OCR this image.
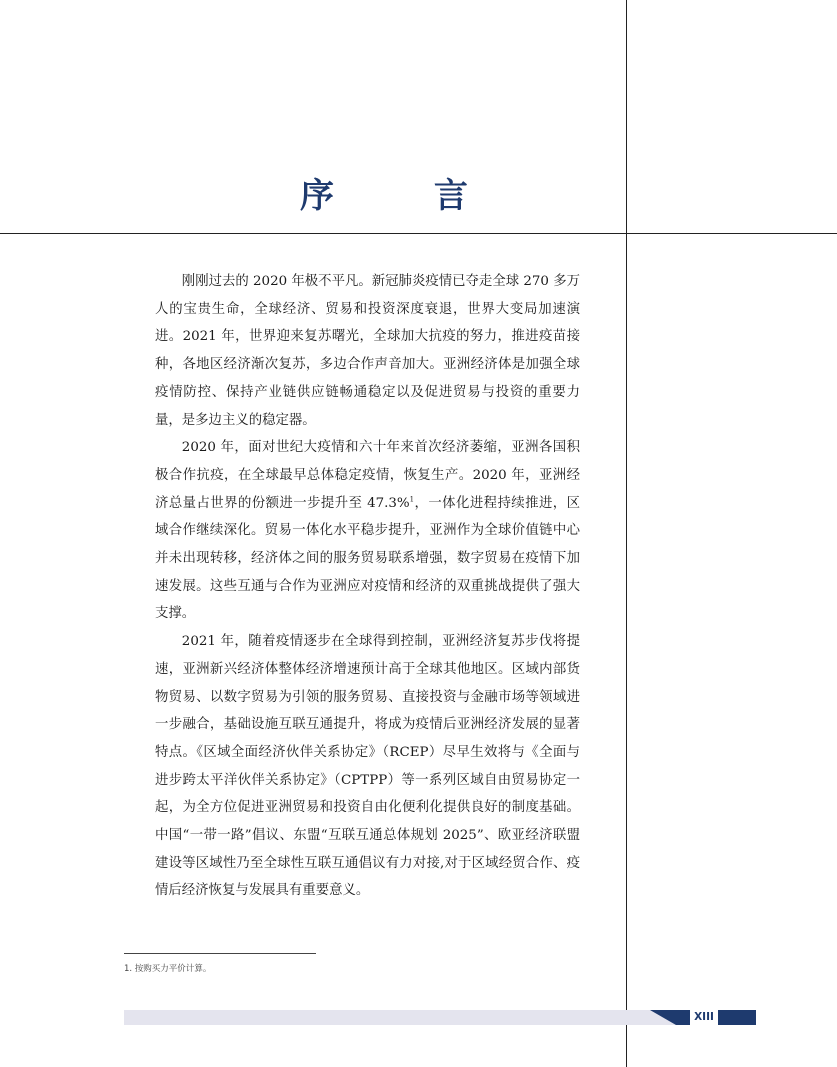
序 言

刚刚过去的 2020 年极不平凡。新冠肺炎疫情已夺走全球 270 多万人的宝贵生命，全球经济、贸易和投资深度衰退，世界大变局加速演进。2021 年，世界迎来复苏曙光，全球加大抗疫的努力，推进疫苗接种，各地区经济渐次复苏，多边合作声音加大。亚洲经济体是加强全球疫情防控、保持产业链供应链畅通稳定以及促进贸易与投资的重要力量，是多边主义的稳定器。

2020 年，面对世纪大疫情和六十年来首次经济萎缩，亚洲各国积极合作抗疫，在全球最早总体稳定疫情，恢复生产。2020 年，亚洲经济总量占世界的份额进一步提升至 47.3%$^1$，一体化进程持续推进，区域合作继续深化。贸易一体化水平稳步提升，亚洲作为全球价值链中心并未出现转移，经济体之间的服务贸易联系增强，数字贸易在疫情下加速发展。这些互通与合作为亚洲应对疫情和经济的双重挑战提供了强大支撑。

2021 年，随着疫情逐步在全球得到控制，亚洲经济复苏步伐将提速，亚洲新兴经济体整体经济增速预计高于全球其他地区。区域内部货物贸易、以数字贸易为引领的服务贸易、直接投资与金融市场等领域进一步融合，基础设施互联互通提升，将成为疫情后亚洲经济发展的显著特点。《区域全面经济伙伴关系协定》（RCEP）尽早生效将与《全面与进步跨太平洋伙伴关系协定》（CPTPP）等一系列区域自由贸易协定一起，为全方位促进亚洲贸易和投资自由化便利化提供良好的制度基础。中国“一带一路”倡议、东盟“互联互通总体规划 2025”、欧亚经济联盟建设等区域性乃至全球性互联互通倡议有力对接,对于区域经贸合作、疫情后经济恢复与发展具有重要意义。

1. 按购买力平价计算。
XIII
